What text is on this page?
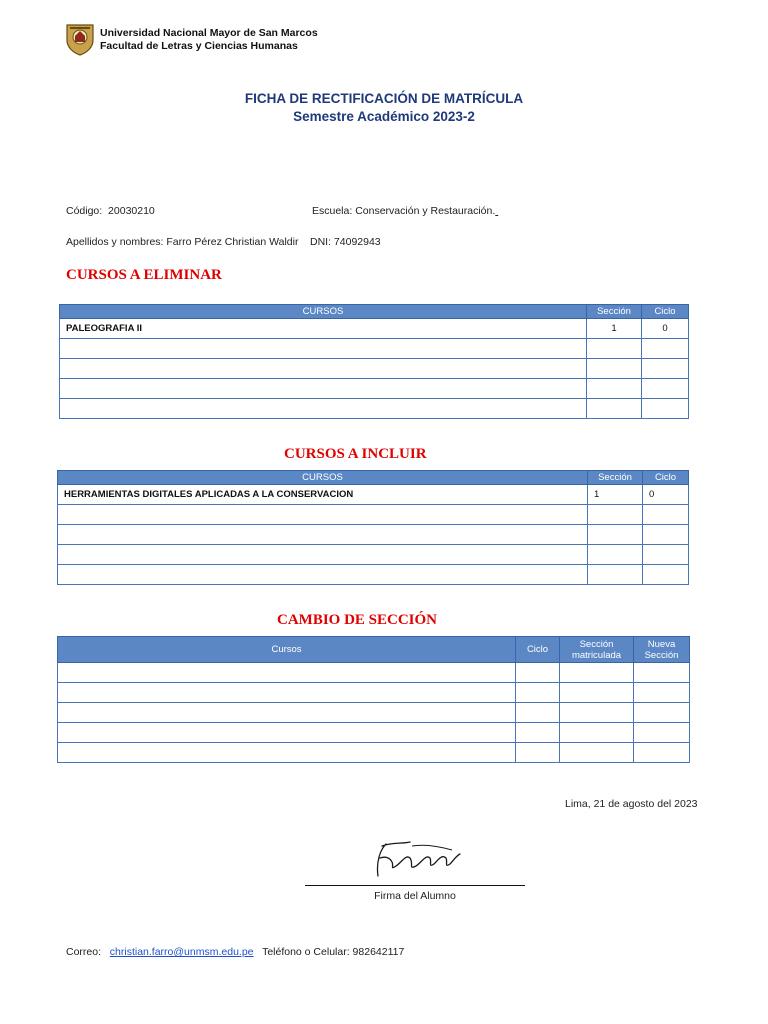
Universidad Nacional Mayor de San Marcos
Facultad de Letras y Ciencias Humanas
FICHA DE RECTIFICACIÓN DE MATRÍCULA
Semestre Académico 2023-2
Código: 20030210	Escuela: Conservación y Restauración.
Apellidos y nombres: Farro Pérez Christian Waldir DNI: 74092943
CURSOS A ELIMINAR
CURSOS	Sección	Ciclo
PALEOGRAFIA II	1	0

CURSOS A INCLUIR
CURSOS	Sección	Ciclo
HERRAMIENTAS DIGITALES APLICADAS A LA CONSERVACION	1	0

CAMBIO DE SECCIÓN
Cursos	Ciclo	Sección matriculada	Nueva Sección

Lima, 21 de agosto del 2023
Firma del Alumno
Correo: christian.farro@unmsm.edu.pe Teléfono o Celular: 982642117
